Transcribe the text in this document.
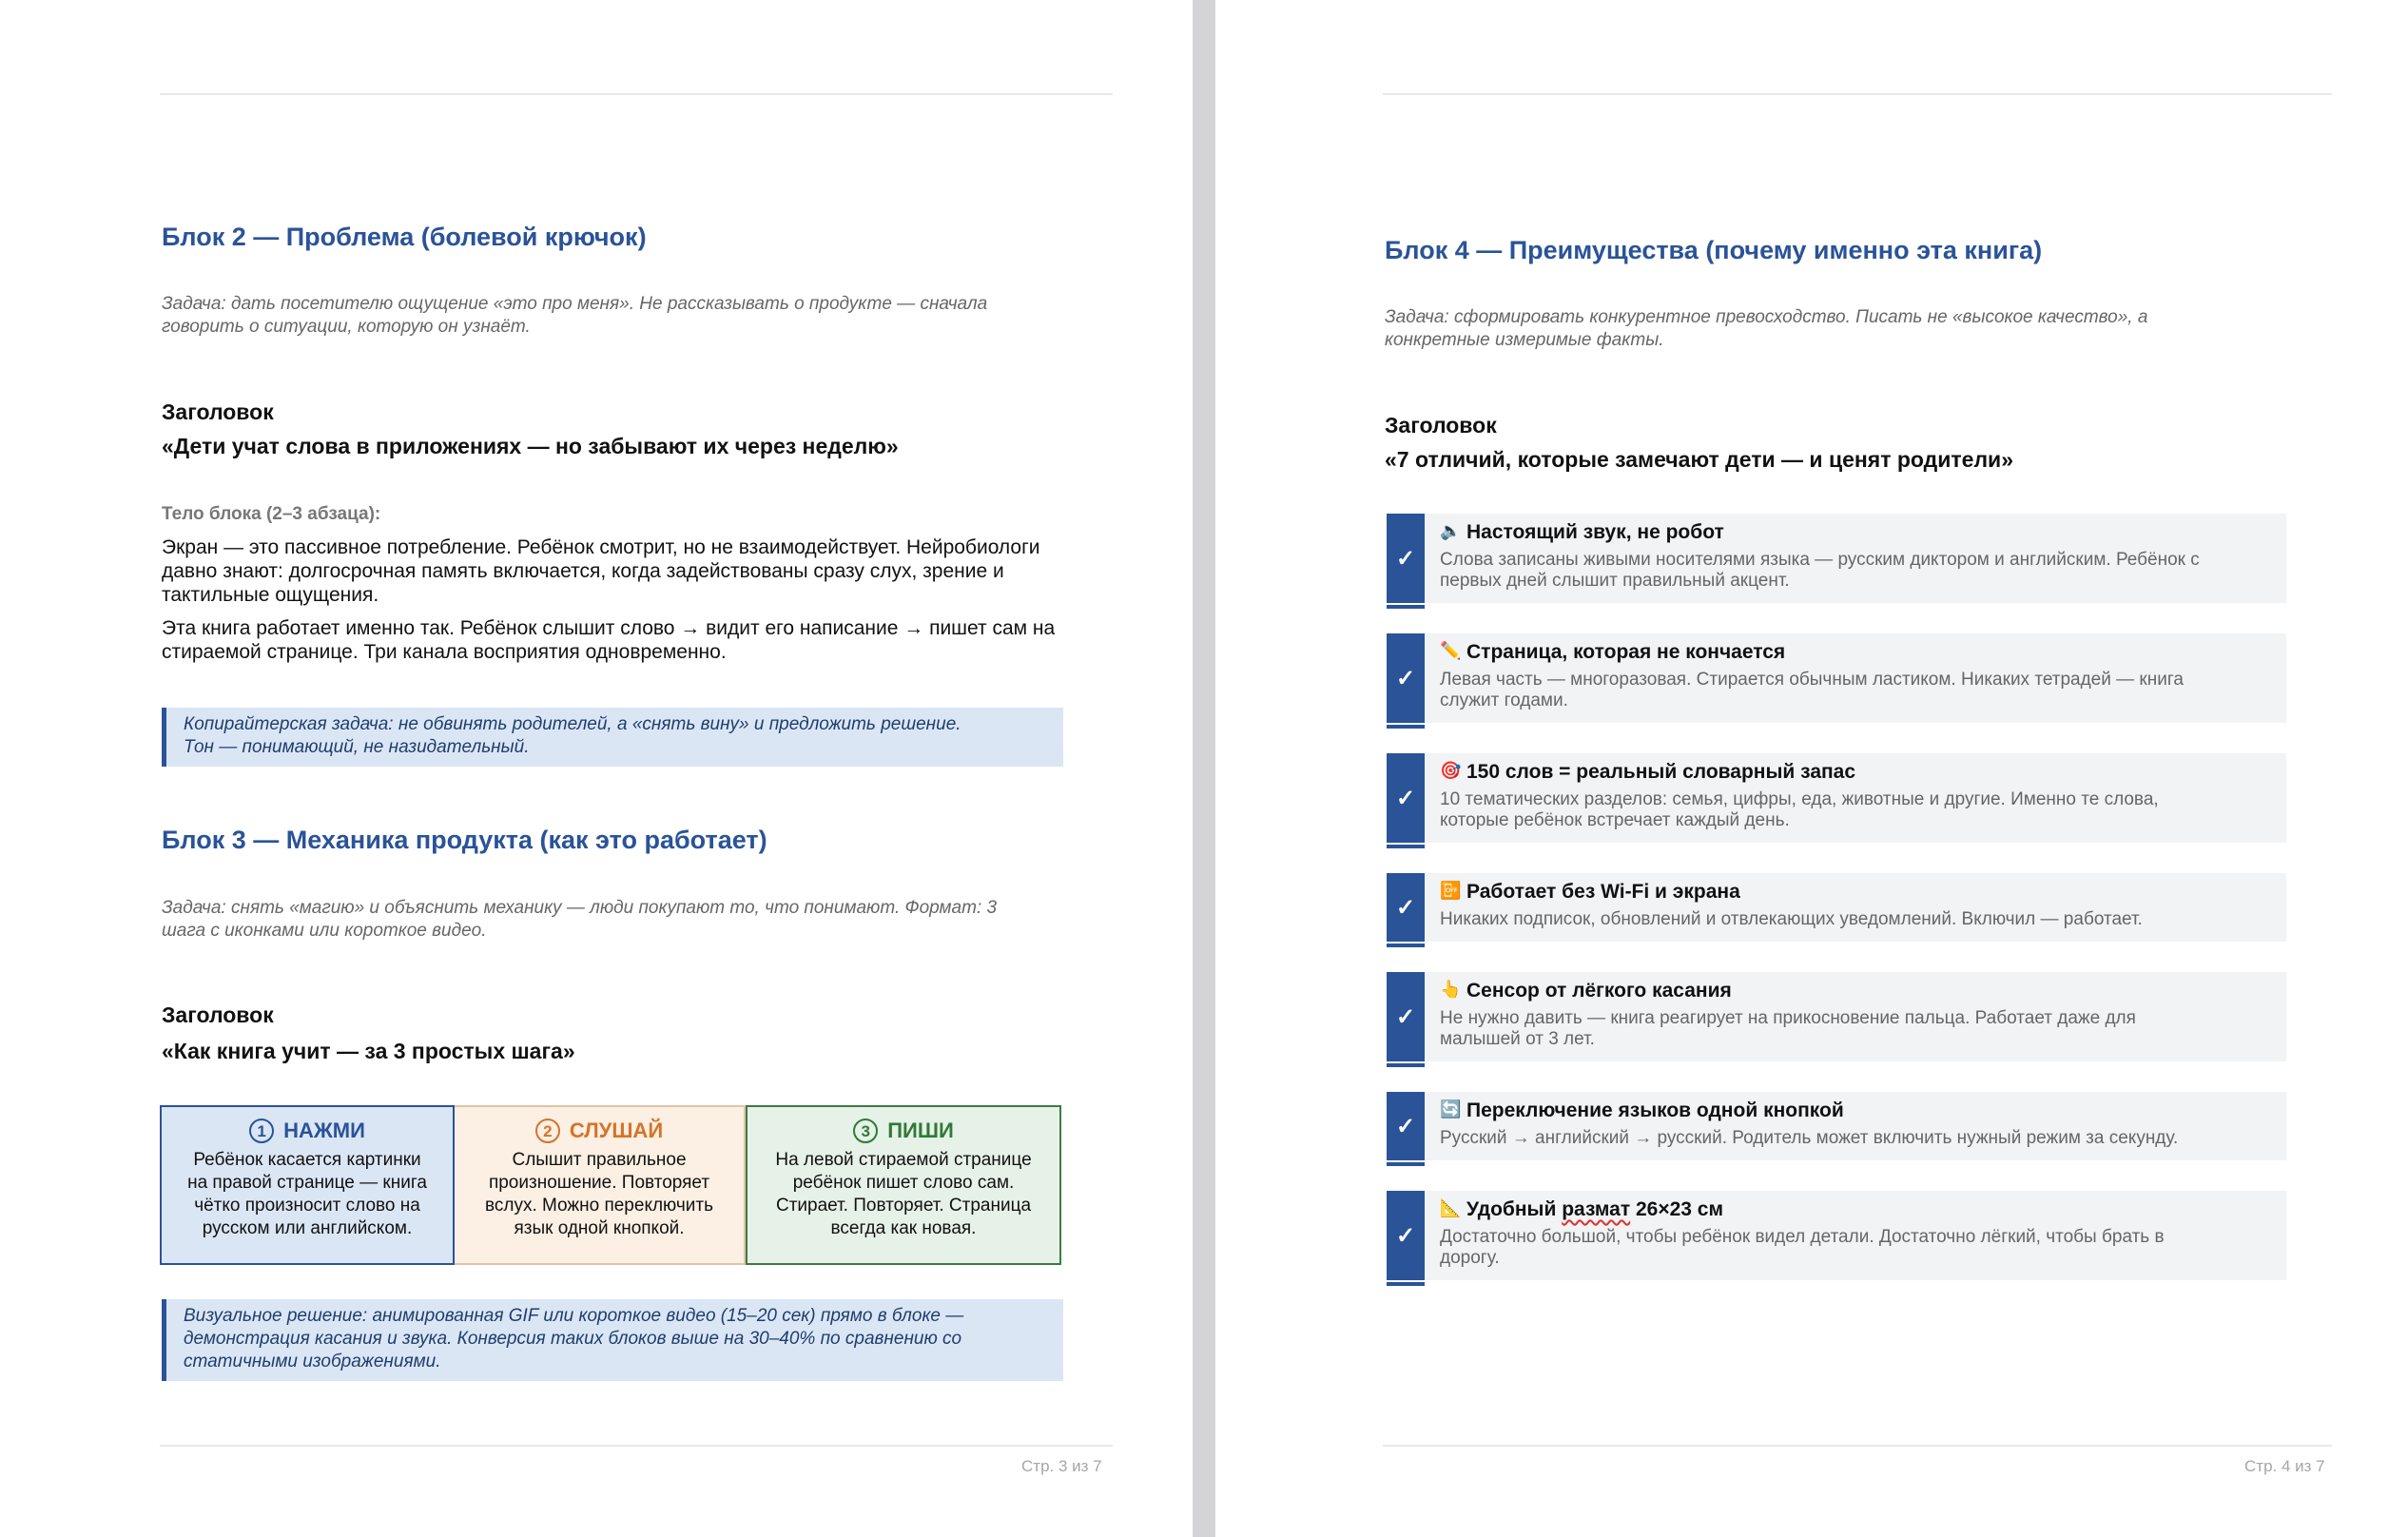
Блок 2 — Проблема (болевой крючок)
Задача: дать посетителю ощущение «это про меня». Не рассказывать о продукте — сначала
говорить о ситуации, которую он узнаёт.
Заголовок
«Дети учат слова в приложениях — но забывают их через неделю»
Тело блока (2–3 абзаца):
Экран — это пассивное потребление. Ребёнок смотрит, но не взаимодействует. Нейробиологи
давно знают: долгосрочная память включается, когда задействованы сразу слух, зрение и
тактильные ощущения.
Эта книга работает именно так. Ребёнок слышит слово → видит его написание → пишет сам на
стираемой странице. Три канала восприятия одновременно.
Копирайтерская задача: не обвинять родителей, а «снять вину» и предложить решение.
Тон — понимающий, не назидательный.
Блок 3 — Механика продукта (как это работает)
Задача: снять «магию» и объяснить механику — люди покупают то, что понимают. Формат: 3
шага с иконками или короткое видео.
Заголовок
«Как книга учит — за 3 простых шага»
1 НАЖМИ
Ребёнок касается картинки
на правой странице — книга
чётко произносит слово на
русском или английском.
2 СЛУШАЙ
Слышит правильное
произношение. Повторяет
вслух. Можно переключить
язык одной кнопкой.
3 ПИШИ
На левой стираемой странице
ребёнок пишет слово сам.
Стирает. Повторяет. Страница
всегда как новая.
Визуальное решение: анимированная GIF или короткое видео (15–20 сек) прямо в блоке —
демонстрация касания и звука. Конверсия таких блоков выше на 30–40% по сравнению со
статичными изображениями.
Стр. 3 из 7
Блок 4 — Преимущества (почему именно эта книга)
Задача: сформировать конкурентное превосходство. Писать не «высокое качество», а
конкретные измеримые факты.
Заголовок
«7 отличий, которые замечают дети — и ценят родители»
✓
🔈 Настоящий звук, не робот
Слова записаны живыми носителями языка — русским диктором и английским. Ребёнок с
первых дней слышит правильный акцент.
✓
✏️ Страница, которая не кончается
Левая часть — многоразовая. Стирается обычным ластиком. Никаких тетрадей — книга
служит годами.
✓
🎯 150 слов = реальный словарный запас
10 тематических разделов: семья, цифры, еда, животные и другие. Именно те слова,
которые ребёнок встречает каждый день.
✓
📴 Работает без Wi-Fi и экрана
Никаких подписок, обновлений и отвлекающих уведомлений. Включил — работает.
✓
👆 Сенсор от лёгкого касания
Не нужно давить — книга реагирует на прикосновение пальца. Работает даже для
малышей от 3 лет.
✓
🔄 Переключение языков одной кнопкой
Русский → английский → русский. Родитель может включить нужный режим за секунду.
✓
📐 Удобный размат 26×23 см
Достаточно большой, чтобы ребёнок видел детали. Достаточно лёгкий, чтобы брать в
дорогу.
Стр. 4 из 7
